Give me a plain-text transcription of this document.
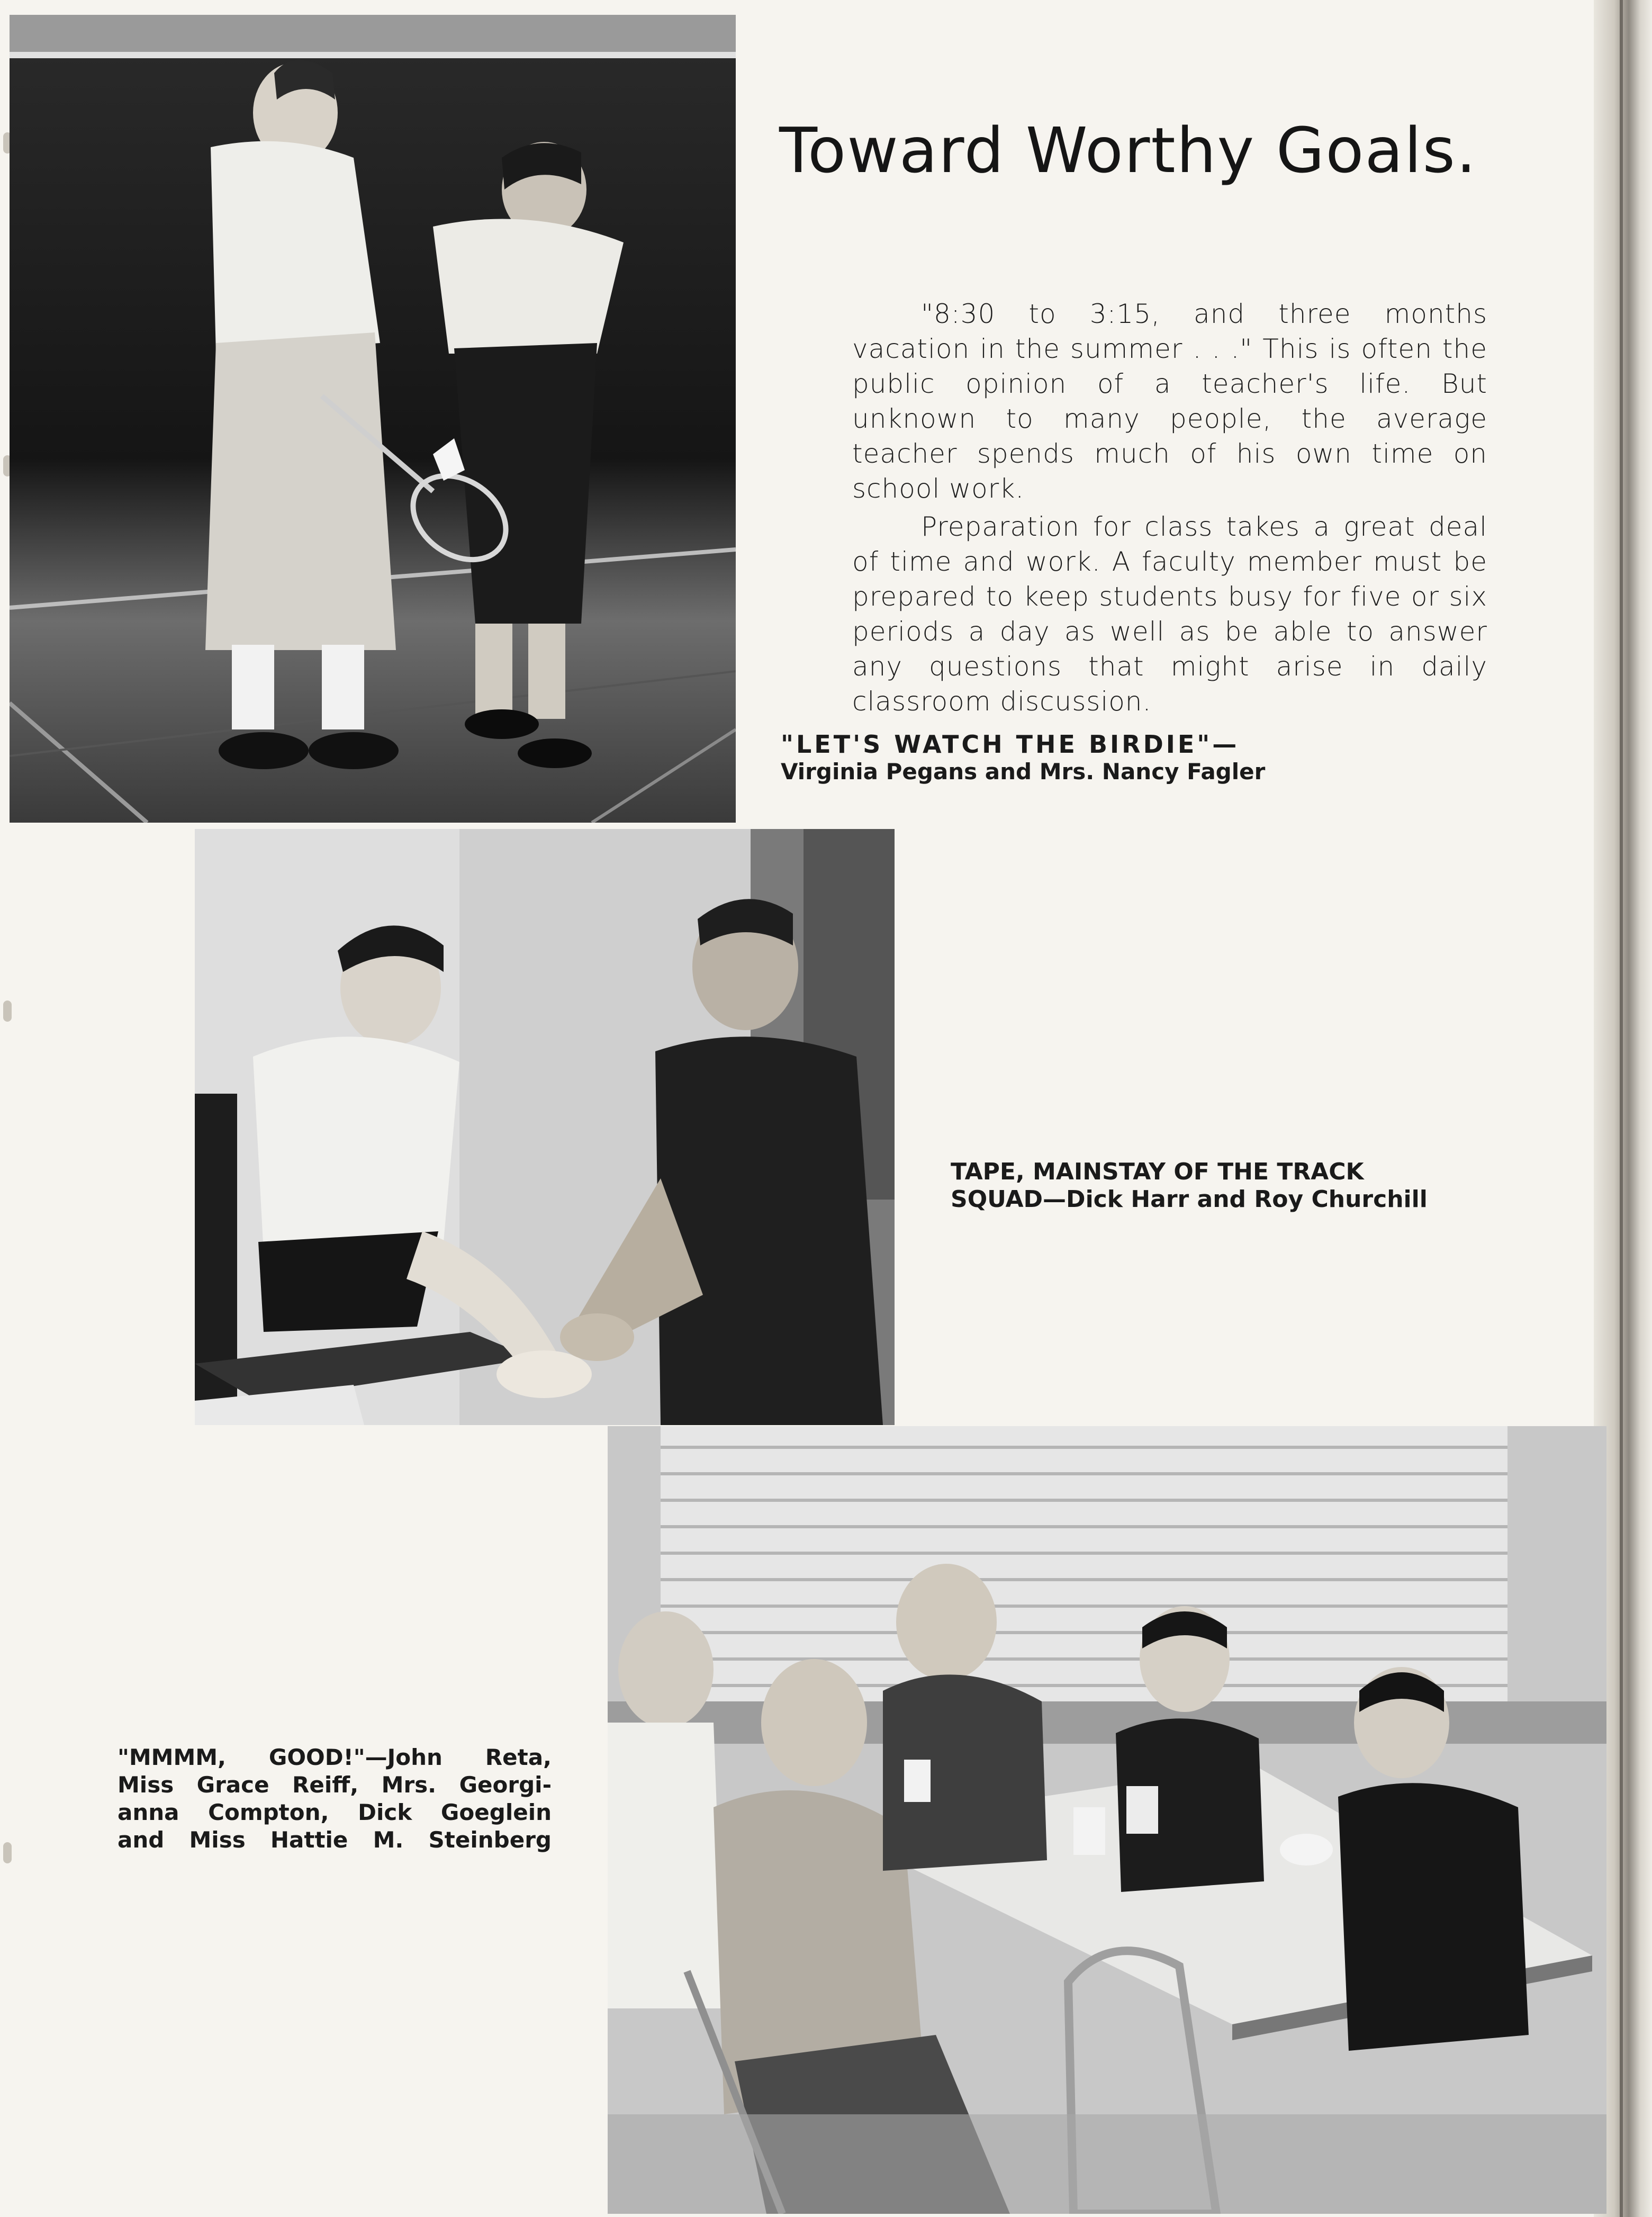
Toward Worthy Goals.

"8:30 to 3:15, and three months vacation in the summer . . ." This is often the public opinion of a teacher's life. But unknown to many people, the average teacher spends much of his own time on school work.

Preparation for class takes a great deal of time and work. A faculty member must be prepared to keep students busy for five or six periods a day as well as be able to answer any questions that might arise in daily classroom discussion.

"LET'S WATCH THE BIRDIE"—
Virginia Pegans and Mrs. Nancy Fagler
TAPE, MAINSTAY OF THE TRACK
SQUAD—Dick Harr and Roy Churchill
"MMMM, GOOD!"—John Reta,
Miss Grace Reiff, Mrs. Georgi-
anna Compton, Dick Goeglein
and Miss Hattie M. Steinberg
